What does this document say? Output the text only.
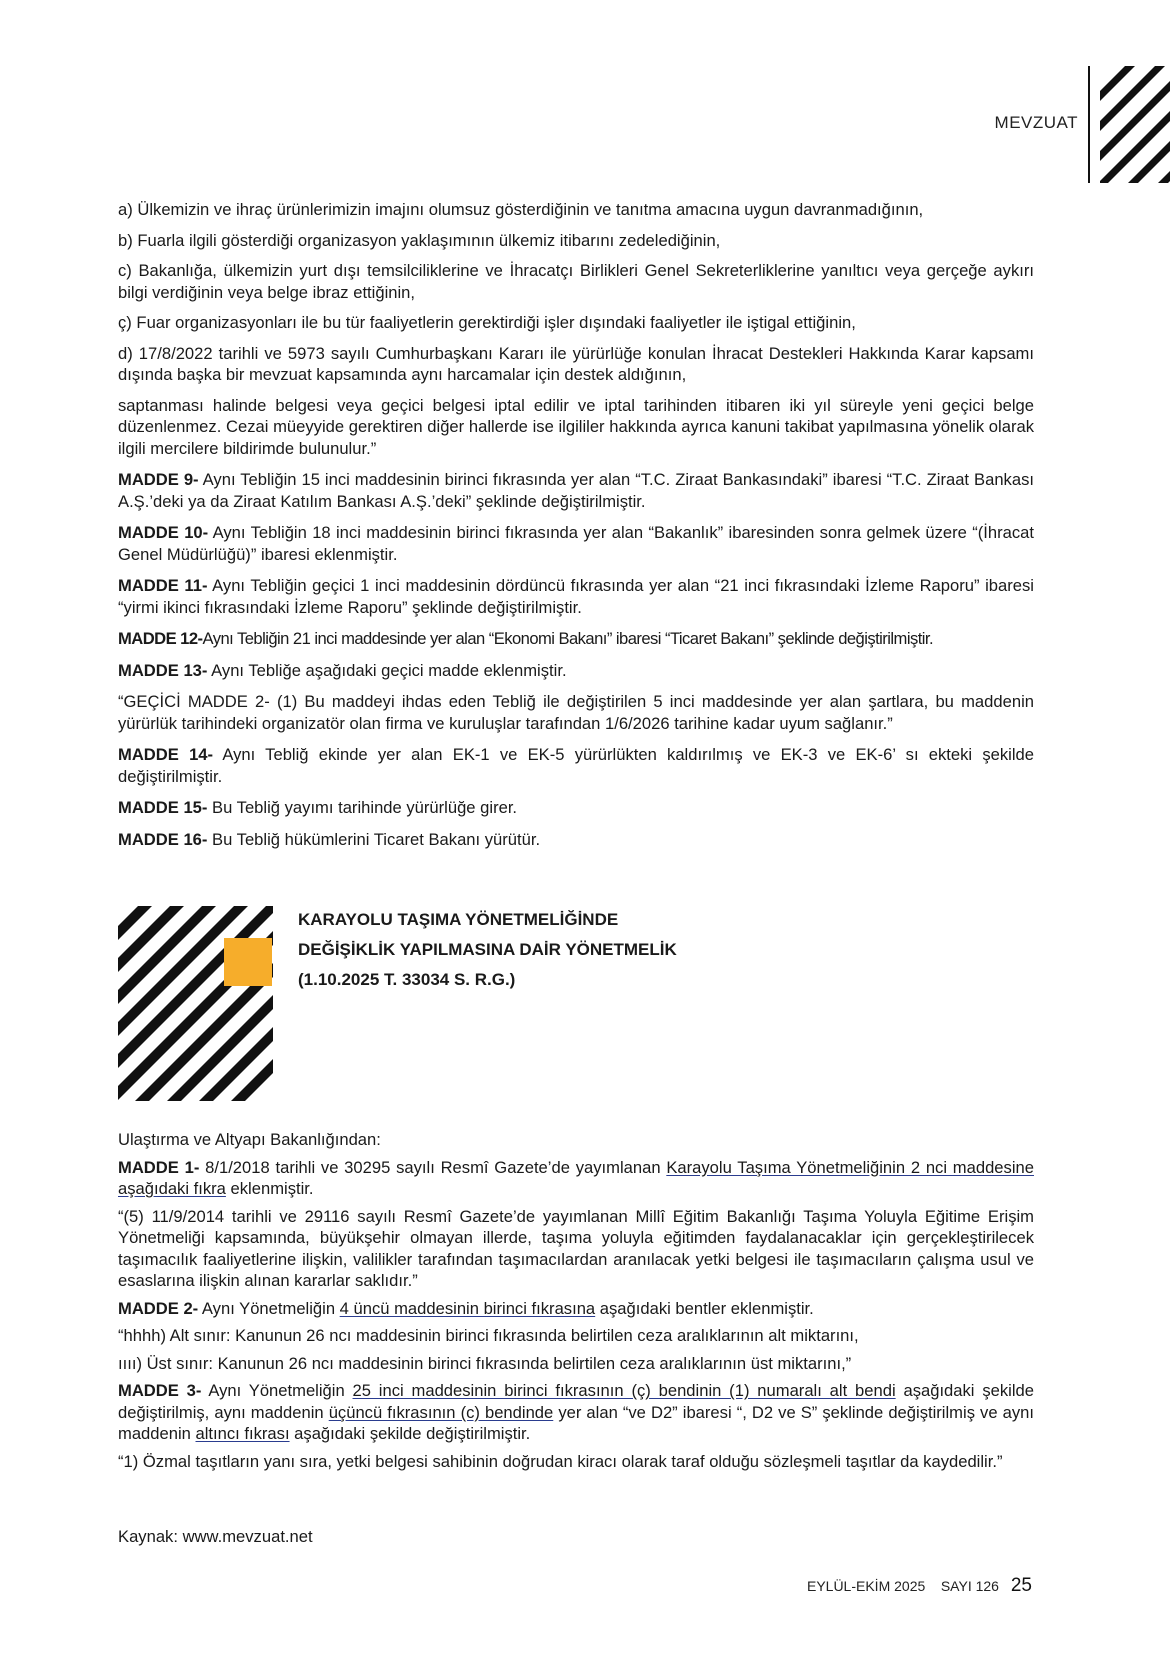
MEVZUAT

a) Ülkemizin ve ihraç ürünlerimizin imajını olumsuz gösterdiğinin ve tanıtma amacına uygun davranmadığının,

b) Fuarla ilgili gösterdiği organizasyon yaklaşımının ülkemiz itibarını zedelediğinin,

c) Bakanlığa, ülkemizin yurt dışı temsilciliklerine ve İhracatçı Birlikleri Genel Sekreterliklerine yanıltıcı veya gerçeğe aykırı bilgi verdiğinin veya belge ibraz ettiğinin,

ç) Fuar organizasyonları ile bu tür faaliyetlerin gerektirdiği işler dışındaki faaliyetler ile iştigal ettiğinin,

d) 17/8/2022 tarihli ve 5973 sayılı Cumhurbaşkanı Kararı ile yürürlüğe konulan İhracat Destekleri Hakkında Karar kapsamı dışında başka bir mevzuat kapsamında aynı harcamalar için destek aldığının,

saptanması halinde belgesi veya geçici belgesi iptal edilir ve iptal tarihinden itibaren iki yıl süreyle yeni geçici belge düzenlenmez. Cezai müeyyide gerektiren diğer hallerde ise ilgililer hakkında ayrıca kanuni takibat yapılmasına yönelik olarak ilgili mercilere bildirimde bulunulur.”

MADDE 9- Aynı Tebliğin 15 inci maddesinin birinci fıkrasında yer alan “T.C. Ziraat Bankasındaki” ibaresi “T.C. Ziraat Bankası A.Ş.’deki ya da Ziraat Katılım Bankası A.Ş.’deki” şeklinde değiştirilmiştir.

MADDE 10- Aynı Tebliğin 18 inci maddesinin birinci fıkrasında yer alan “Bakanlık” ibaresinden sonra gelmek üzere “(İhracat Genel Müdürlüğü)” ibaresi eklenmiştir.

MADDE 11- Aynı Tebliğin geçici 1 inci maddesinin dördüncü fıkrasında yer alan “21 inci fıkrasındaki İzleme Raporu” ibaresi “yirmi ikinci fıkrasındaki İzleme Raporu” şeklinde değiştirilmiştir.

MADDE 12-Aynı Tebliğin 21 inci maddesinde yer alan “Ekonomi Bakanı” ibaresi “Ticaret Bakanı” şeklinde değiştirilmiştir.

MADDE 13- Aynı Tebliğe aşağıdaki geçici madde eklenmiştir.

“GEÇİCİ MADDE 2- (1) Bu maddeyi ihdas eden Tebliğ ile değiştirilen 5 inci maddesinde yer alan şartlara, bu maddenin yürürlük tarihindeki organizatör olan firma ve kuruluşlar tarafından 1/6/2026 tarihine kadar uyum sağlanır.”

MADDE 14- Aynı Tebliğ ekinde yer alan EK-1 ve EK-5 yürürlükten kaldırılmış ve EK-3 ve EK-6’ sı ekteki şekilde değiştirilmiştir.

MADDE 15- Bu Tebliğ yayımı tarihinde yürürlüğe girer.

MADDE 16- Bu Tebliğ hükümlerini Ticaret Bakanı yürütür.

KARAYOLU TAŞIMA YÖNETMELİĞİNDE
DEĞİŞİKLİK YAPILMASINA DAİR YÖNETMELİK
(1.10.2025 T. 33034 S. R.G.)

Ulaştırma ve Altyapı Bakanlığından:

MADDE 1- 8/1/2018 tarihli ve 30295 sayılı Resmî Gazete’de yayımlanan Karayolu Taşıma Yönetmeliğinin 2 nci maddesine aşağıdaki fıkra eklenmiştir.

“(5) 11/9/2014 tarihli ve 29116 sayılı Resmî Gazete’de yayımlanan Millî Eğitim Bakanlığı Taşıma Yoluyla Eğitime Erişim Yönetmeliği kapsamında, büyükşehir olmayan illerde, taşıma yoluyla eğitimden faydalanacaklar için gerçekleştirilecek taşımacılık faaliyetlerine ilişkin, valilikler tarafından taşımacılardan aranılacak yetki belgesi ile taşımacıların çalışma usul ve esaslarına ilişkin alınan kararlar saklıdır.”

MADDE 2- Aynı Yönetmeliğin 4 üncü maddesinin birinci fıkrasına aşağıdaki bentler eklenmiştir.

“hhhh) Alt sınır: Kanunun 26 ncı maddesinin birinci fıkrasında belirtilen ceza aralıklarının alt miktarını,

ıııı) Üst sınır: Kanunun 26 ncı maddesinin birinci fıkrasında belirtilen ceza aralıklarının üst miktarını,”

MADDE 3- Aynı Yönetmeliğin 25 inci maddesinin birinci fıkrasının (ç) bendinin (1) numaralı alt bendi aşağıdaki şekilde değiştirilmiş, aynı maddenin üçüncü fıkrasının (c) bendinde yer alan “ve D2” ibaresi “, D2 ve S” şeklinde değiştirilmiş ve aynı maddenin altıncı fıkrası aşağıdaki şekilde değiştirilmiştir.

“1) Özmal taşıtların yanı sıra, yetki belgesi sahibinin doğrudan kiracı olarak taraf olduğu sözleşmeli taşıtlar da kaydedilir.”

Kaynak: www.mevzuat.net
EYLÜL-EKİM 2025 SAYI 126 25
